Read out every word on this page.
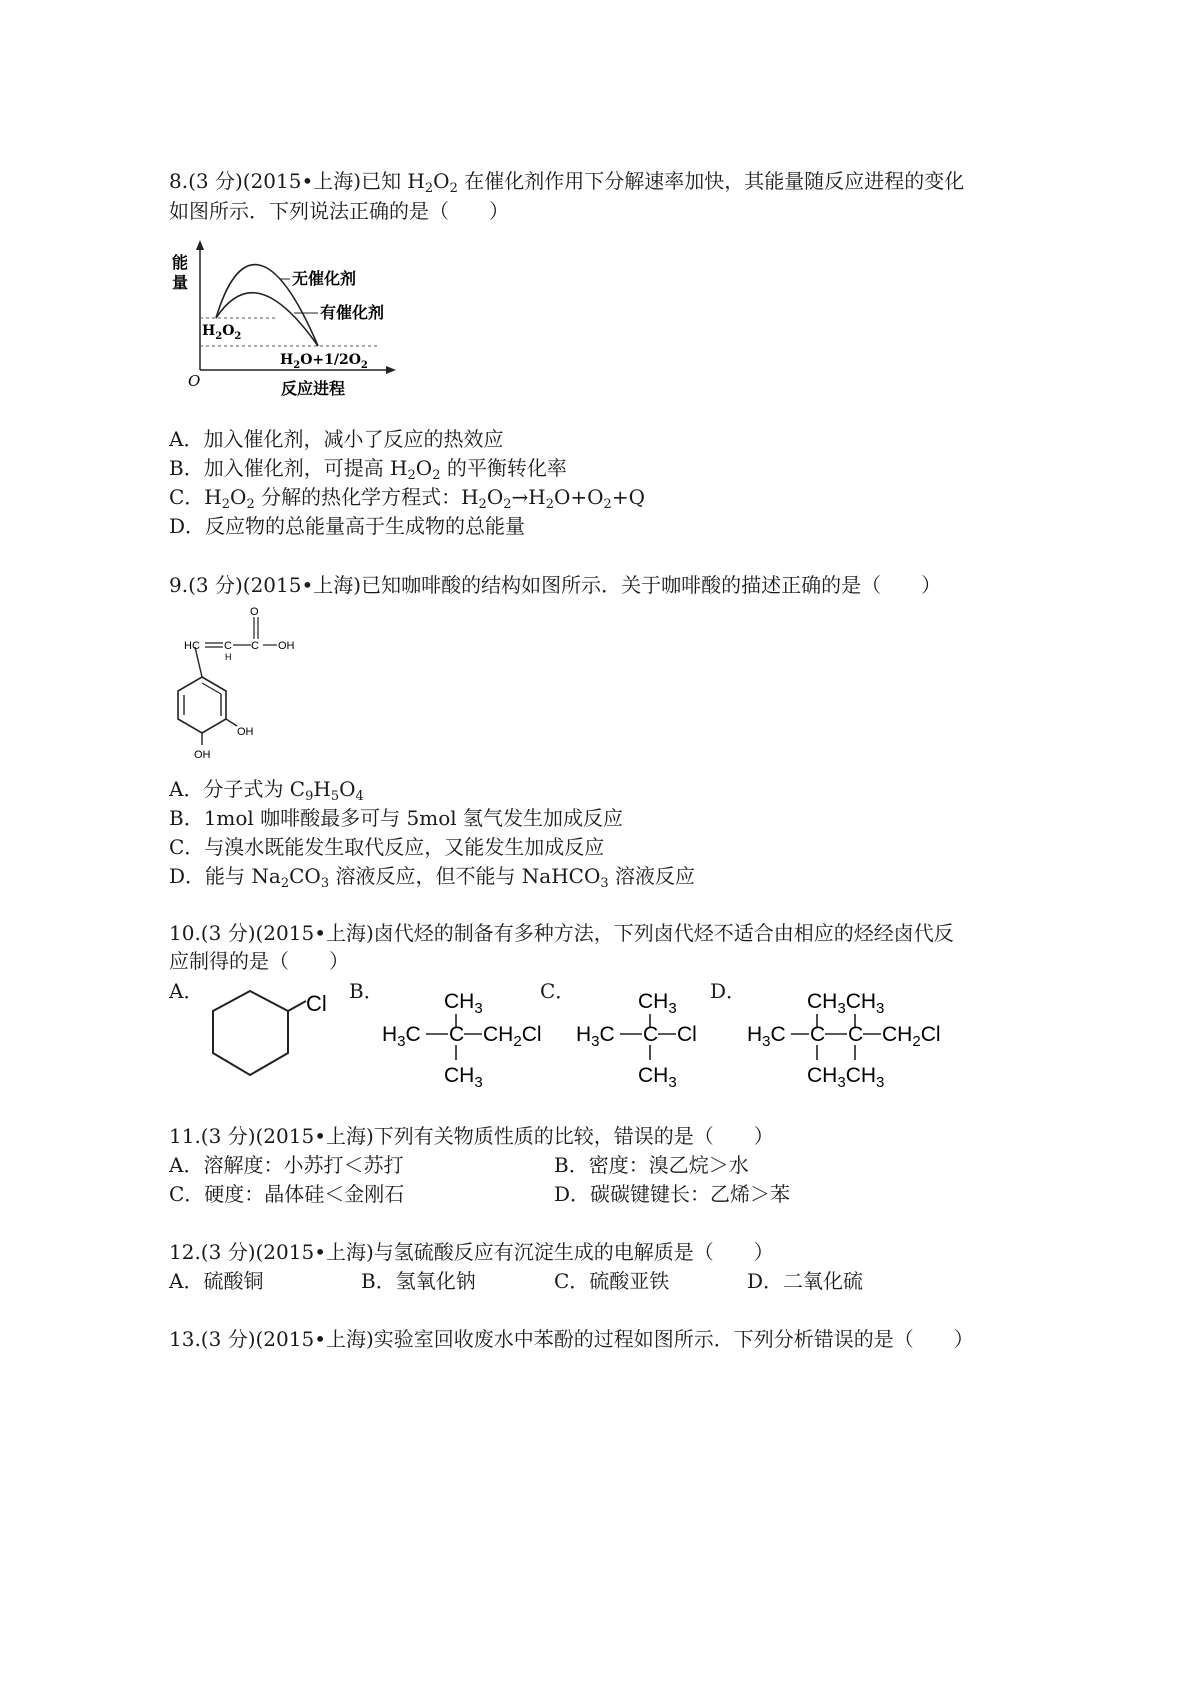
8.(3 分)(2015•上海)已知 $H_2O_2$ 在催化剂作用下分解速率加快，其能量随反应进程的变化
如图所示．下列说法正确的是（　　）
能
量	无催化剂
有催化剂
$H_2O_2$
$H_2O+1/2O_2$
O	反应进程
A．加入催化剂，减小了反应的热效应
B．加入催化剂，可提高 $H_2O_2$ 的平衡转化率
C．$H_2O_2$ 分解的热化学方程式：$H_2O_2\to H_2O+O_2+Q$
D．反应物的总能量高于生成物的总能量
9.(3 分)(2015•上海)已知咖啡酸的结构如图所示．关于咖啡酸的描述正确的是（　　）
O
HC C
H
C OH
OH
OH
A．分子式为 $C_9H_5O_4$
B．1mol 咖啡酸最多可与 5mol 氢气发生加成反应
C．与溴水既能发生取代反应，又能发生加成反应
D．能与 $Na_2CO_3$ 溶液反应，但不能与 NaHCO$_3$ 溶液反应
10.(3 分)(2015•上海)卤代烃的制备有多种方法，下列卤代烃不适合由相应的烃经卤代反
应制得的是（　　）
A．	B．	C．	D．
Cl	$CH_3$
$H_3C$ C $CH_2Cl$
$CH_3$
$CH_3$
$H_3C$ C Cl
$CH_3$
$CH_3CH_3$
$H_3C$ C C $CH_2Cl$
$CH_3CH_3$
11.(3 分)(2015•上海)下列有关物质性质的比较，错误的是（　　）
A．溶解度：小苏打＜苏打	B．密度：溴乙烷＞水
C．硬度：晶体硅＜金刚石	D．碳碳键键长：乙烯＞苯
12.(3 分)(2015•上海)与氢硫酸反应有沉淀生成的电解质是（　　）
A．硫酸铜	B．氢氧化钠	C．硫酸亚铁	D．二氧化硫
13.(3 分)(2015•上海)实验室回收废水中苯酚的过程如图所示．下列分析错误的是（　　）
